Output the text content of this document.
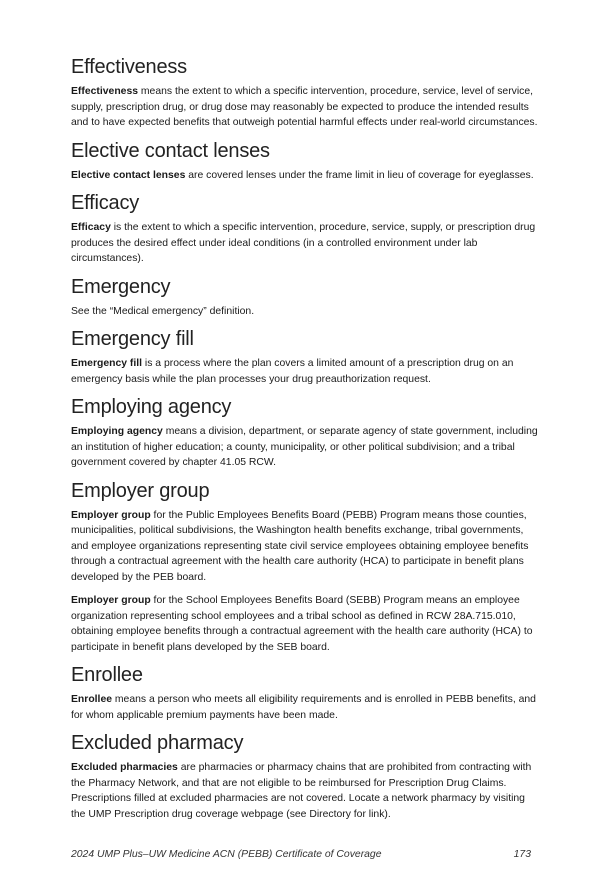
Effectiveness

Effectiveness means the extent to which a specific intervention, procedure, service, level of service, supply, prescription drug, or drug dose may reasonably be expected to produce the intended results and to have expected benefits that outweigh potential harmful effects under real-world circumstances.

Elective contact lenses

Elective contact lenses are covered lenses under the frame limit in lieu of coverage for eyeglasses.

Efficacy

Efficacy is the extent to which a specific intervention, procedure, service, supply, or prescription drug produces the desired effect under ideal conditions (in a controlled environment under lab circumstances).

Emergency

See the “Medical emergency” definition.

Emergency fill

Emergency fill is a process where the plan covers a limited amount of a prescription drug on an emergency basis while the plan processes your drug preauthorization request.

Employing agency

Employing agency means a division, department, or separate agency of state government, including an institution of higher education; a county, municipality, or other political subdivision; and a tribal government covered by chapter 41.05 RCW.

Employer group

Employer group for the Public Employees Benefits Board (PEBB) Program means those counties, municipalities, political subdivisions, the Washington health benefits exchange, tribal governments, and employee organizations representing state civil service employees obtaining employee benefits through a contractual agreement with the health care authority (HCA) to participate in benefit plans developed by the PEB board.

Employer group for the School Employees Benefits Board (SEBB) Program means an employee organization representing school employees and a tribal school as defined in RCW 28A.715.010, obtaining employee benefits through a contractual agreement with the health care authority (HCA) to participate in benefit plans developed by the SEB board.

Enrollee

Enrollee means a person who meets all eligibility requirements and is enrolled in PEBB benefits, and for whom applicable premium payments have been made.

Excluded pharmacy

Excluded pharmacies are pharmacies or pharmacy chains that are prohibited from contracting with the Pharmacy Network, and that are not eligible to be reimbursed for Prescription Drug Claims. Prescriptions filled at excluded pharmacies are not covered. Locate a network pharmacy by visiting the UMP Prescription drug coverage webpage (see Directory for link).

2024 UMP Plus–UW Medicine ACN (PEBB) Certificate of Coverage	173
